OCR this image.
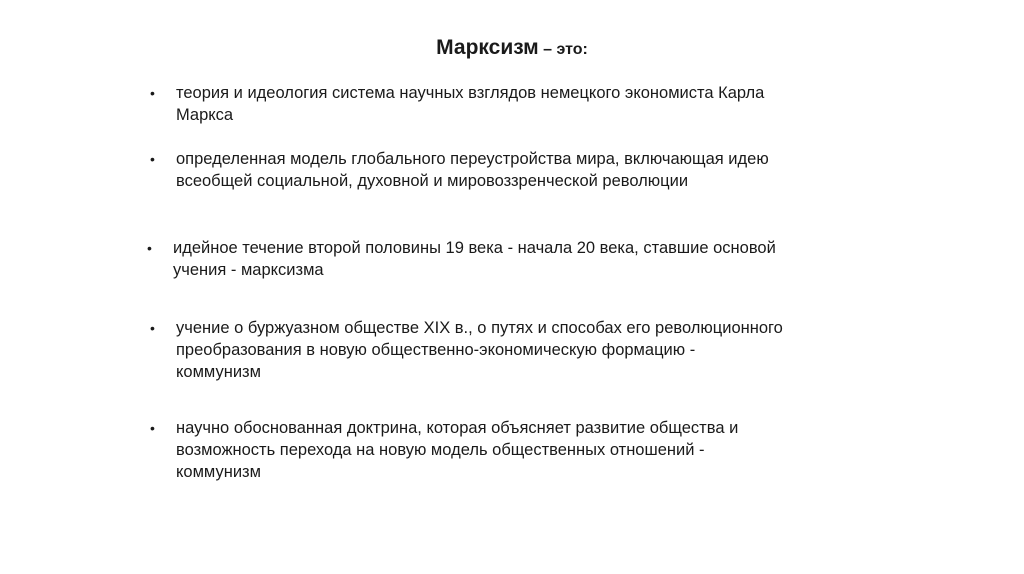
Марксизм – это:
• теория и идеология система научных взглядов немецкого экономиста Карла
Маркса
• определенная модель глобального переустройства мира, включающая идею
всеобщей социальной, духовной и мировоззренческой революции
• идейное течение второй половины 19 века - начала 20 века, ставшие основой
учения - марксизма
• учение о буржуазном обществе XIX в., о путях и способах его революционного
преобразования в новую общественно-экономическую формацию -
коммунизм
• научно обоснованная доктрина, которая объясняет развитие общества и
возможность перехода на новую модель общественных отношений -
коммунизм
